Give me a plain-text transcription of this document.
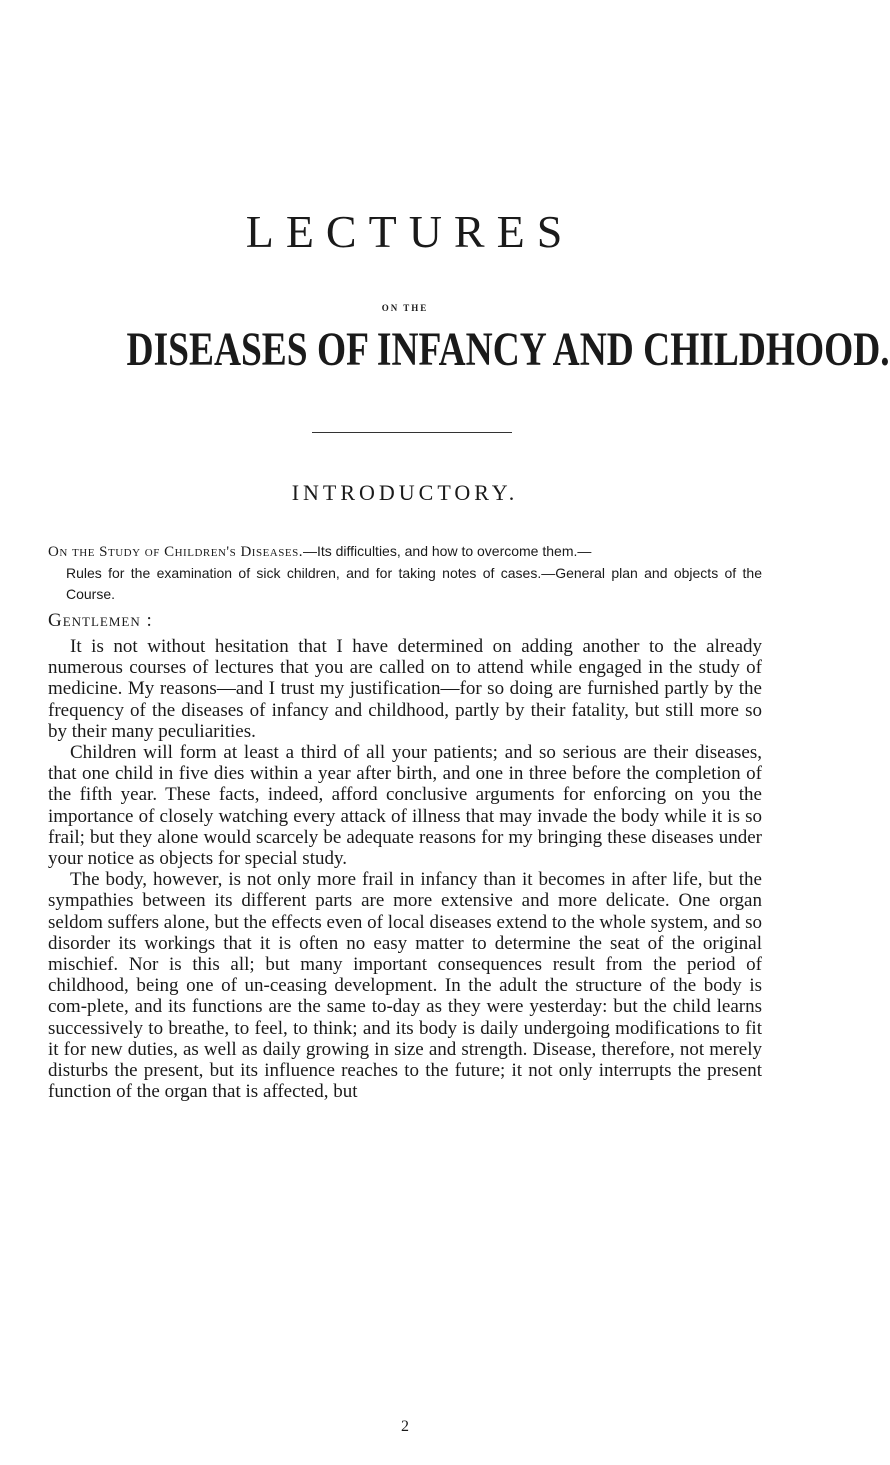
LECTURES
ON THE
DISEASES OF INFANCY AND CHILDHOOD.
INTRODUCTORY.

On the Study of Children's Diseases.—Its difficulties, and how to overcome them.—

Rules for the examination of sick children, and for taking notes of cases.—General plan and objects of the Course.

Gentlemen :

It is not without hesitation that I have determined on adding another to the already numerous courses of lectures that you are called on to attend while engaged in the study of medicine. My reasons—and I trust my justification—for so doing are furnished partly by the frequency of the diseases of infancy and childhood, partly by their fatality, but still more so by their many peculiarities.

Children will form at least a third of all your patients; and so serious are their diseases, that one child in five dies within a year after birth, and one in three before the completion of the fifth year. These facts, indeed, afford conclusive arguments for enforcing on you the importance of closely watching every attack of illness that may invade the body while it is so frail; but they alone would scarcely be adequate reasons for my bringing these diseases under your notice as objects for special study.

The body, however, is not only more frail in infancy than it becomes in after life, but the sympathies between its different parts are more extensive and more delicate. One organ seldom suffers alone, but the effects even of local diseases extend to the whole system, and so disorder its workings that it is often no easy matter to determine the seat of the original mischief. Nor is this all; but many important consequences result from the period of childhood, being one of un-ceasing development. In the adult the structure of the body is com-plete, and its functions are the same to-day as they were yesterday: but the child learns successively to breathe, to feel, to think; and its body is daily undergoing modifications to fit it for new duties, as well as daily growing in size and strength. Disease, therefore, not merely disturbs the present, but its influence reaches to the future; it not only interrupts the present function of the organ that is affected, but

2
